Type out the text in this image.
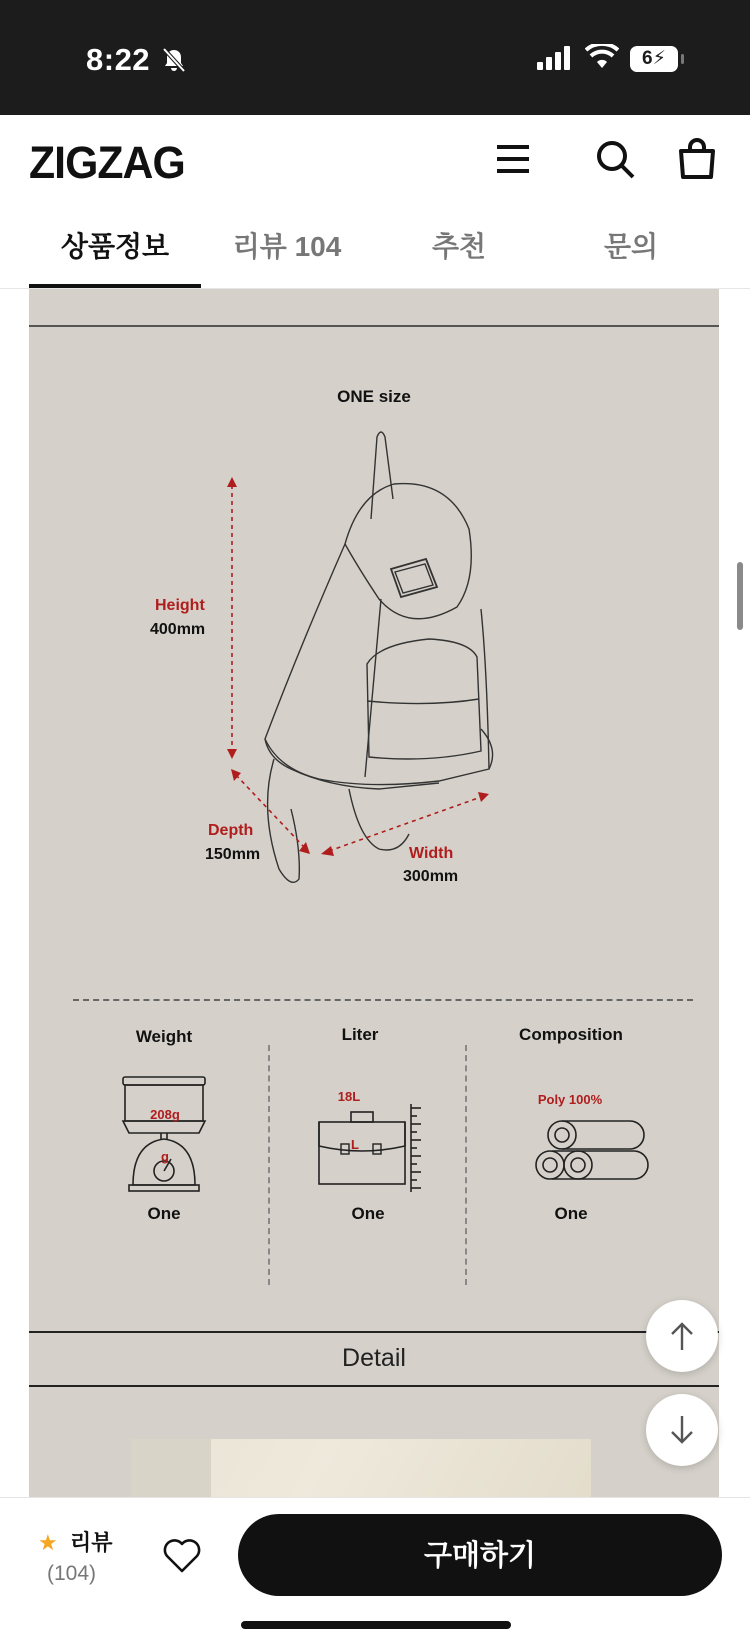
8:22	6⚡
ZIGZAG
상품정보	리뷰 104	추천	문의
ONE size
Height
400mm
Depth
150mm	Width
300mm
Weight	Liter	Composition
208g
g
18L
L
Poly 100%
One	One	One
Detail
★ 리뷰
(104)
구매하기
